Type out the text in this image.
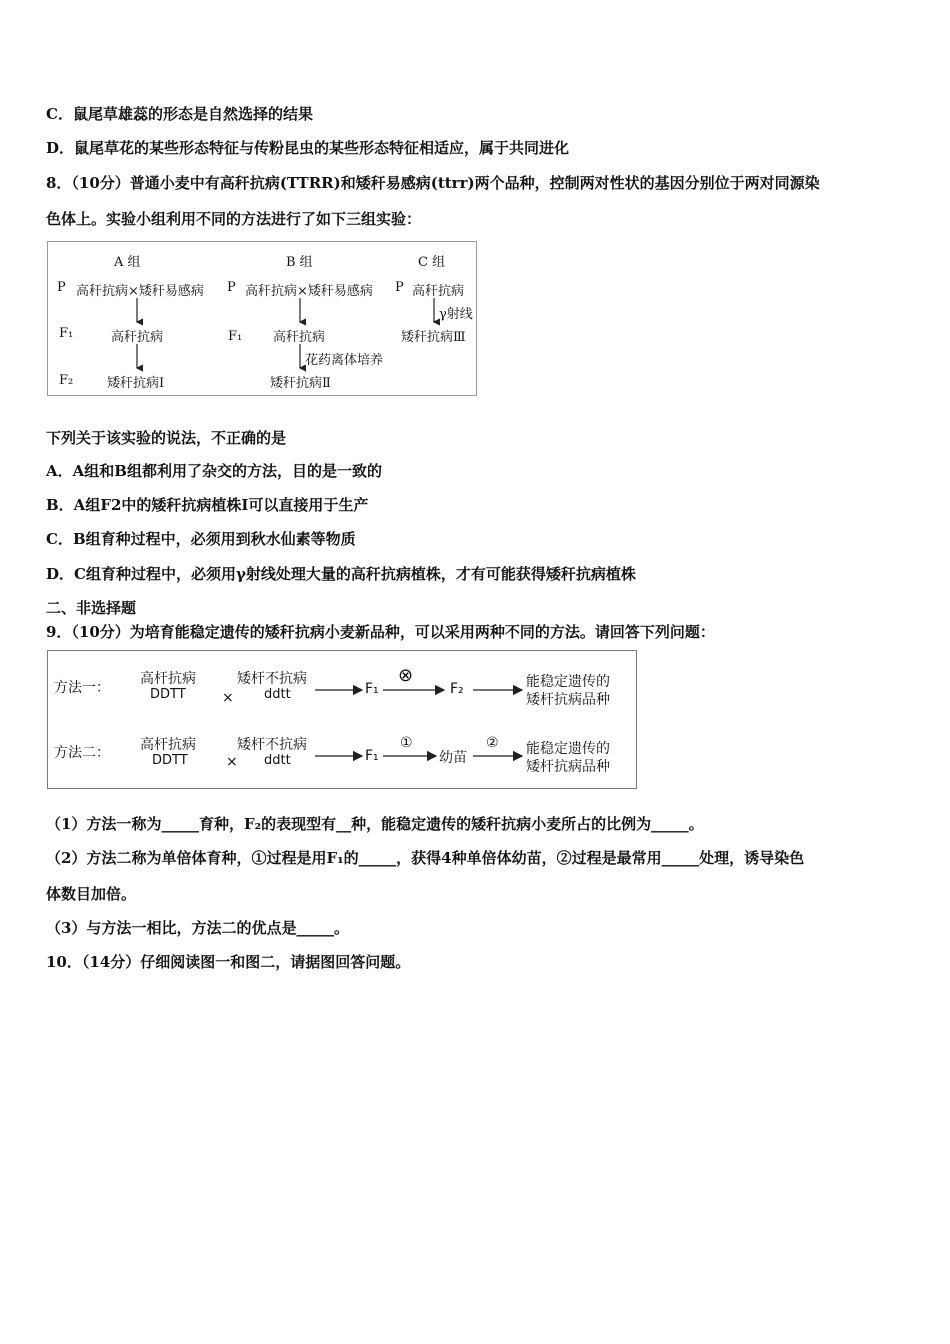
C．鼠尾草雄蕊的形态是自然选择的结果
D．鼠尾草花的某些形态特征与传粉昆虫的某些形态特征相适应，属于共同进化
8．（10分）普通小麦中有高秆抗病(TTRR)和矮秆易感病(ttrr)两个品种，控制两对性状的基因分别位于两对同源染
色体上。实验小组利用不同的方法进行了如下三组实验：
A 组	B 组	C 组
P 高秆抗病×矮秆易感病 P 高秆抗病×矮秆易感病 P 高秆抗病
γ射线
F₁	高秆抗病	F₁ 高秆抗病	矮秆抗病Ⅲ
花药离体培养
F₂	矮秆抗病Ⅰ	矮秆抗病Ⅱ
下列关于该实验的说法，不正确的是
A．A组和B组都利用了杂交的方法，目的是一致的
B．A组F2中的矮秆抗病植株Ⅰ可以直接用于生产
C．B组育种过程中，必须用到秋水仙素等物质
D．C组育种过程中，必须用γ射线处理大量的高秆抗病植株，才有可能获得矮秆抗病植株
二、非选择题
9．（10分）为培育能稳定遗传的矮秆抗病小麦新品种，可以采用两种不同的方法。请回答下列问题：
方法一：
高杆抗病
DDTT	×
矮杆不抗病
ddtt	F₁
⊗
F₂	能稳定遗传的
矮杆抗病品种
方法二： 高杆抗病
DDTT	×
矮杆不抗病
ddtt	F₁
①
幼苗
② 能稳定遗传的
矮杆抗病品种
（1）方法一称为_____育种，F₂的表现型有__种，能稳定遗传的矮秆抗病小麦所占的比例为_____。
（2）方法二称为单倍体育种，①过程是用F₁的_____，获得4种单倍体幼苗，②过程是最常用_____处理，诱导染色
体数目加倍。
（3）与方法一相比，方法二的优点是_____。
10．（14分）仔细阅读图一和图二，请据图回答问题。
